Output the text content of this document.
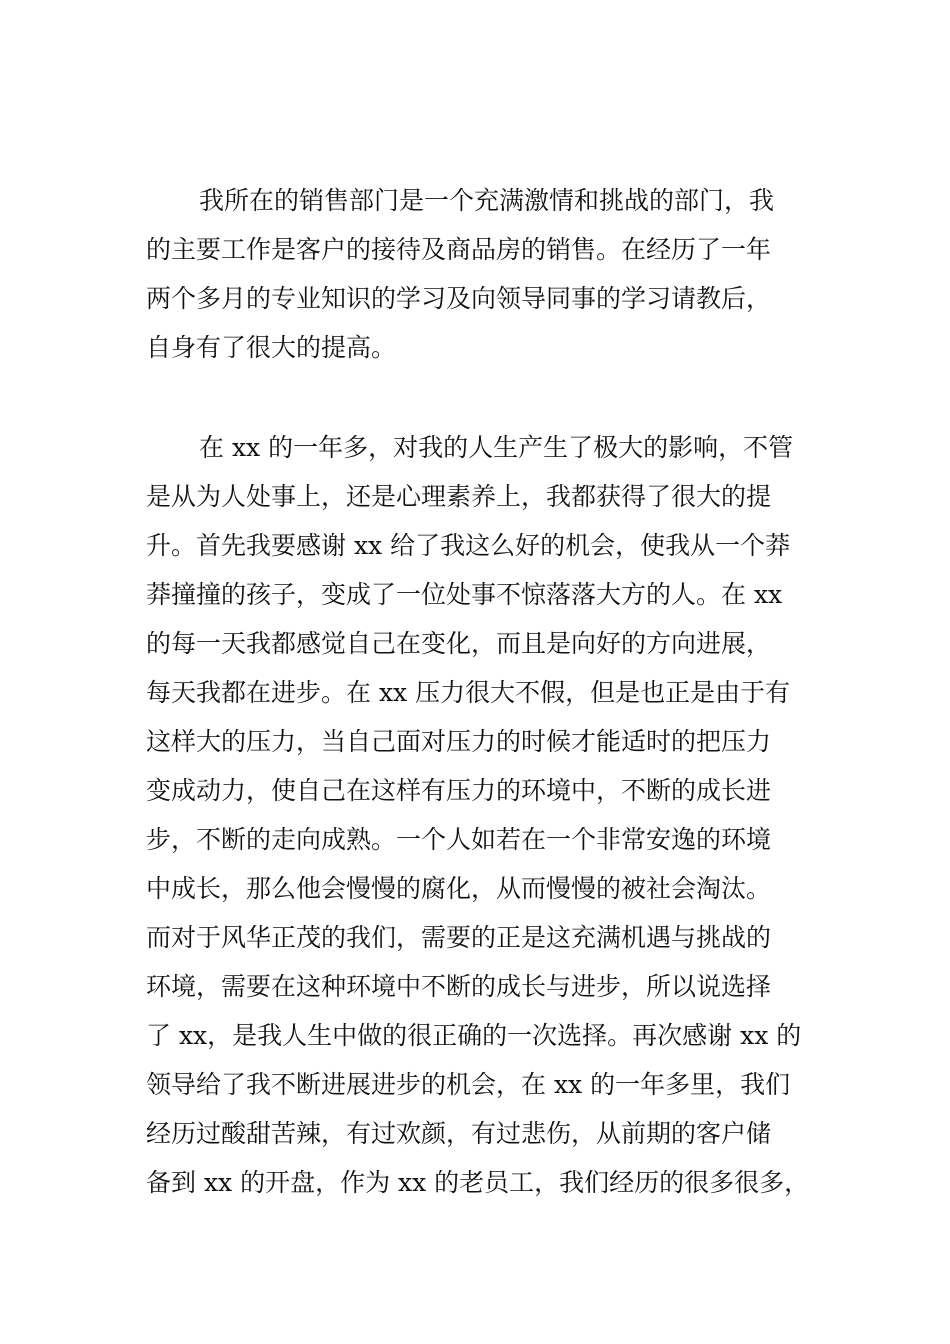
我所在的销售部门是一个充满激情和挑战的部门，我
的主要工作是客户的接待及商品房的销售。在经历了一年
两个多月的专业知识的学习及向领导同事的学习请教后，
自身有了很大的提高。

在 xx 的一年多，对我的人生产生了极大的影响，不管
是从为人处事上，还是心理素养上，我都获得了很大的提
升。首先我要感谢 xx 给了我这么好的机会，使我从一个莽
莽撞撞的孩子，变成了一位处事不惊落落大方的人。在 xx
的每一天我都感觉自己在变化，而且是向好的方向进展，
每天我都在进步。在 xx 压力很大不假，但是也正是由于有
这样大的压力，当自己面对压力的时候才能适时的把压力
变成动力，使自己在这样有压力的环境中，不断的成长进
步，不断的走向成熟。一个人如若在一个非常安逸的环境
中成长，那么他会慢慢的腐化，从而慢慢的被社会淘汰。
而对于风华正茂的我们，需要的正是这充满机遇与挑战的
环境，需要在这种环境中不断的成长与进步，所以说选择
了 xx，是我人生中做的很正确的一次选择。再次感谢 xx 的
领导给了我不断进展进步的机会，在 xx 的一年多里，我们
经历过酸甜苦辣，有过欢颜，有过悲伤，从前期的客户储
备到 xx 的开盘，作为 xx 的老员工，我们经历的很多很多，
